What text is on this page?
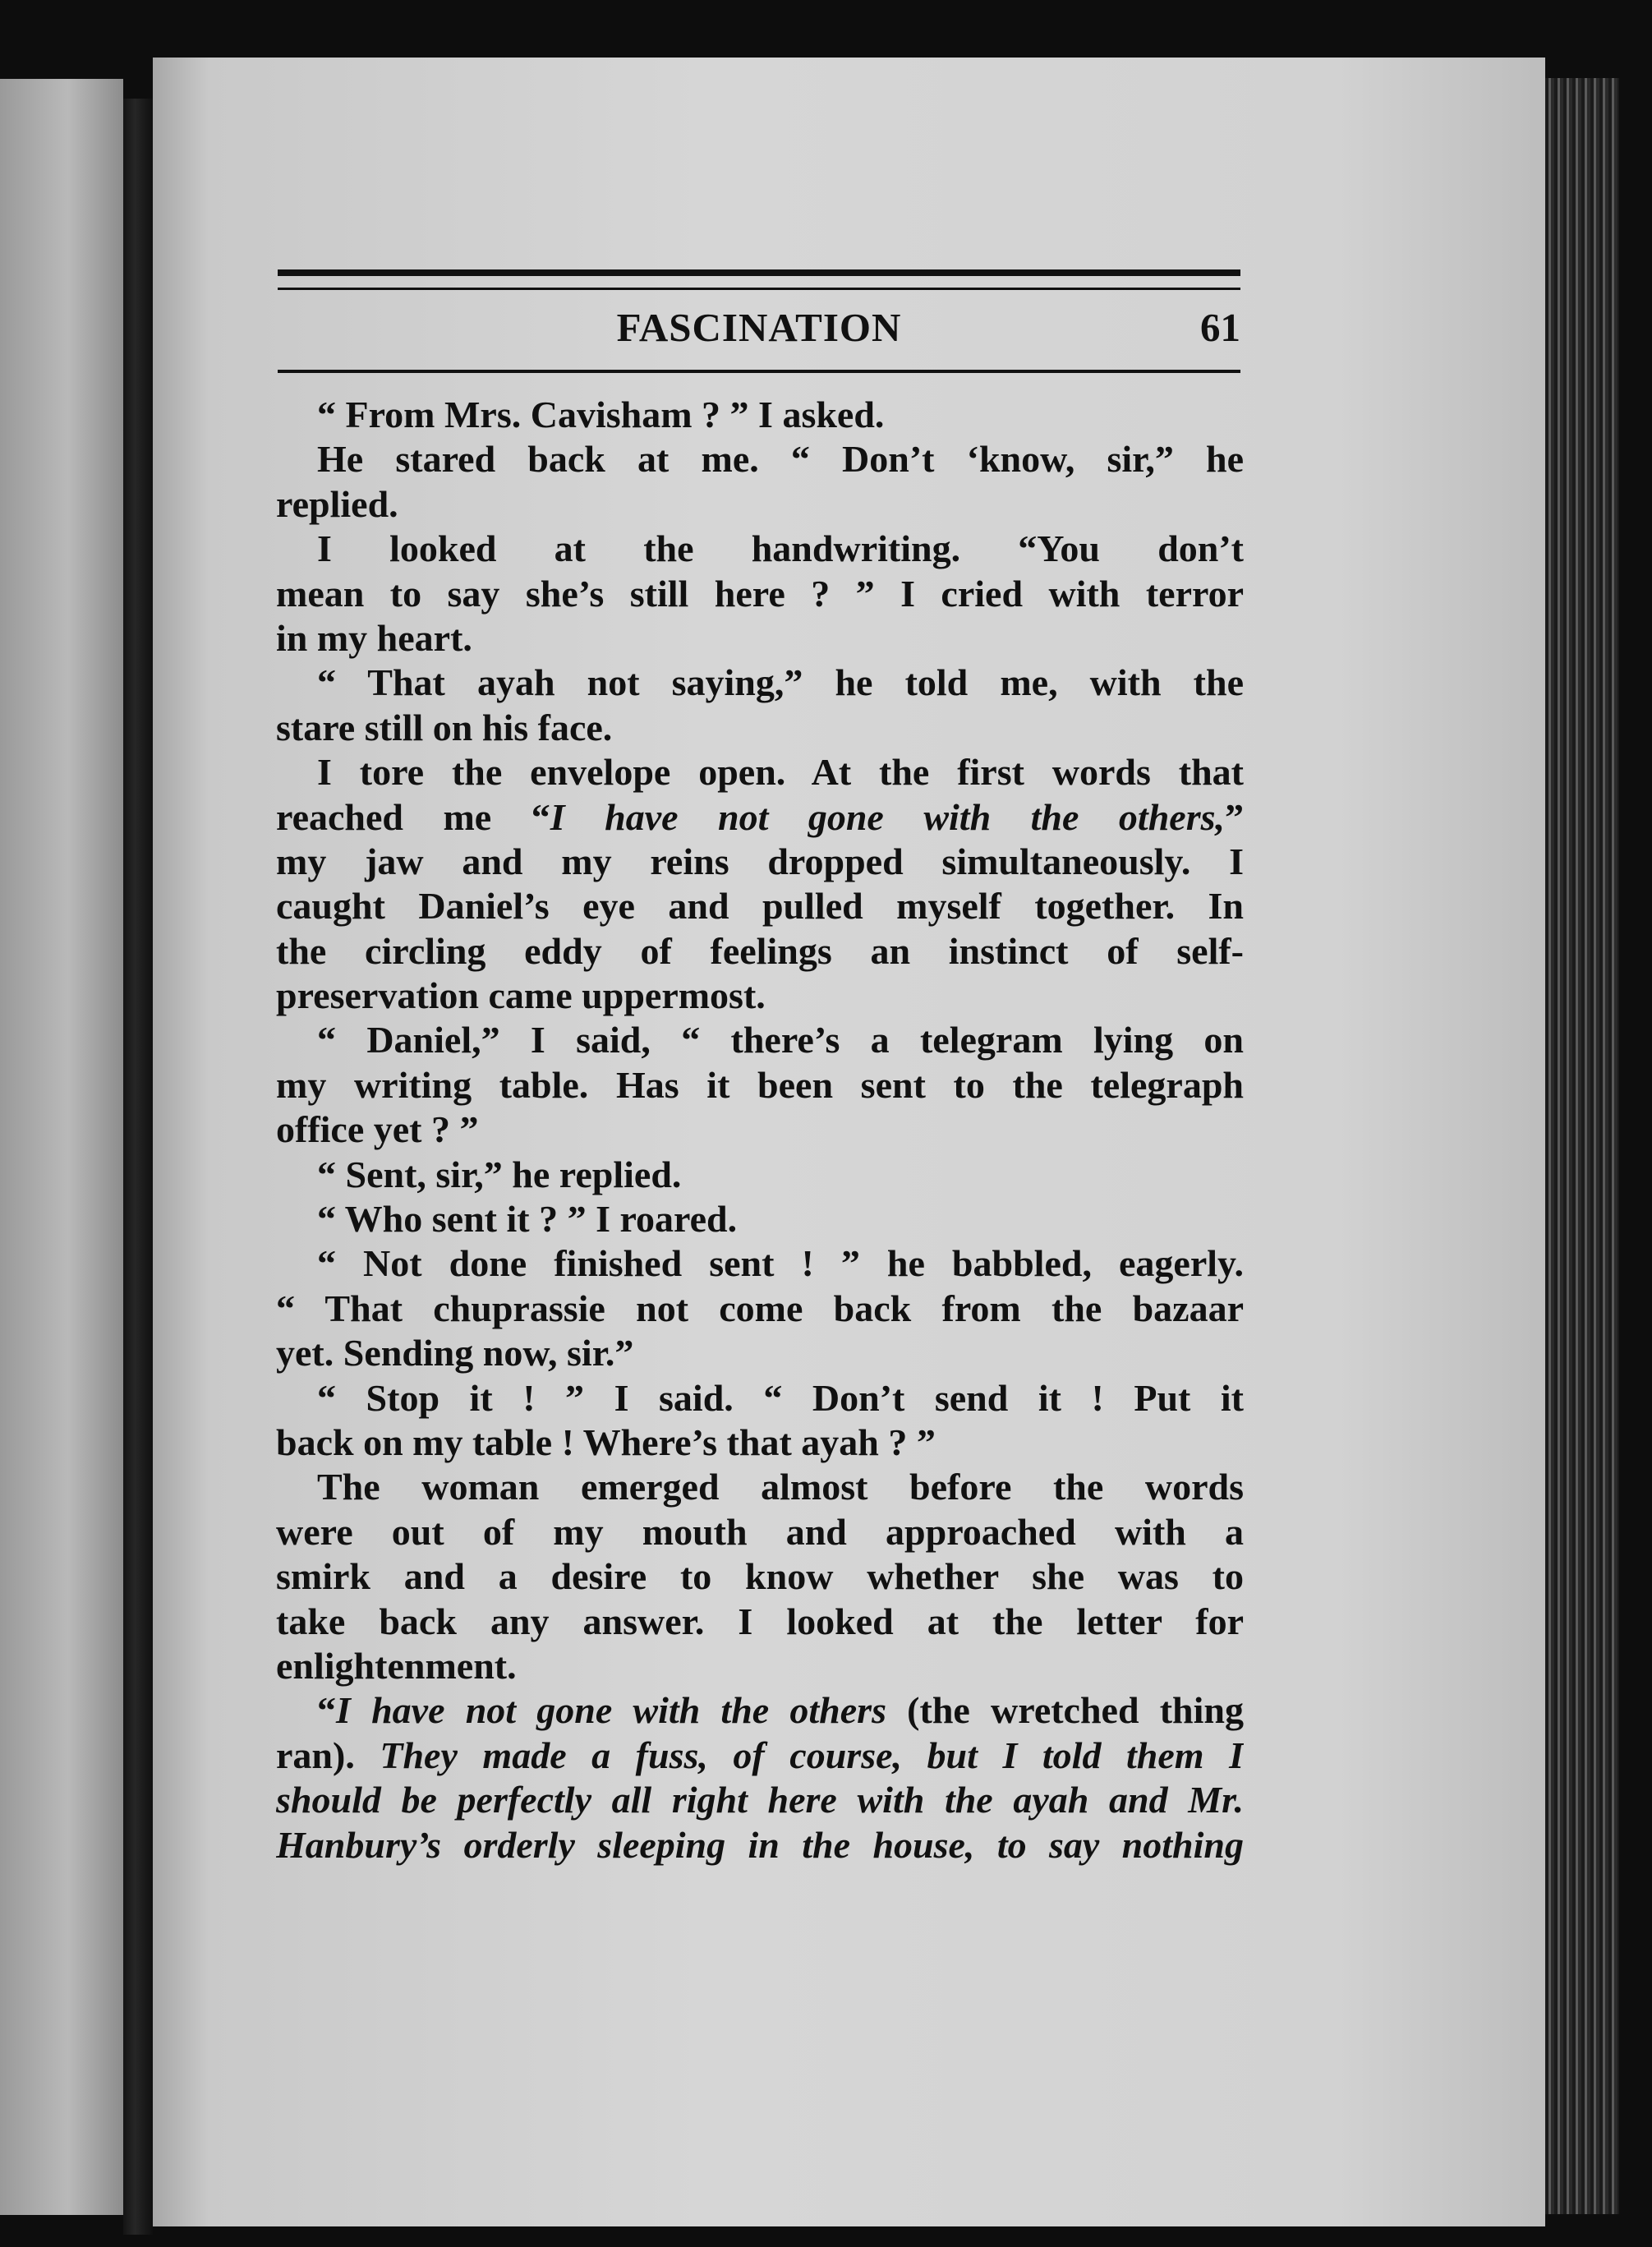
FASCINATION	61
“ From Mrs. Cavisham ? ” I asked.
He stared back at me. “ Don’t ‘know, sir,” he
replied.
I looked at the handwriting. “You don’t
mean to say she’s still here ? ” I cried with terror
in my heart.
“ That ayah not saying,” he told me, with the
stare still on his face.
I tore the envelope open. At the first words that
reached me “I have not gone with the others,”
my jaw and my reins dropped simultaneously. I
caught Daniel’s eye and pulled myself together. In
the circling eddy of feelings an instinct of self-
preservation came uppermost.
“ Daniel,” I said, “ there’s a telegram lying on
my writing table. Has it been sent to the telegraph
office yet ? ”
“ Sent, sir,” he replied.
“ Who sent it ? ” I roared.
“ Not done finished sent ! ” he babbled, eagerly.
“ That chuprassie not come back from the bazaar
yet. Sending now, sir.”
“ Stop it ! ” I said. “ Don’t send it ! Put it
back on my table ! Where’s that ayah ? ”
The woman emerged almost before the words
were out of my mouth and approached with a
smirk and a desire to know whether she was to
take back any answer. I looked at the letter for
enlightenment.
“I have not gone with the others (the wretched thing
ran). They made a fuss, of course, but I told them I
should be perfectly all right here with the ayah and Mr.
Hanbury’s orderly sleeping in the house, to say nothing
